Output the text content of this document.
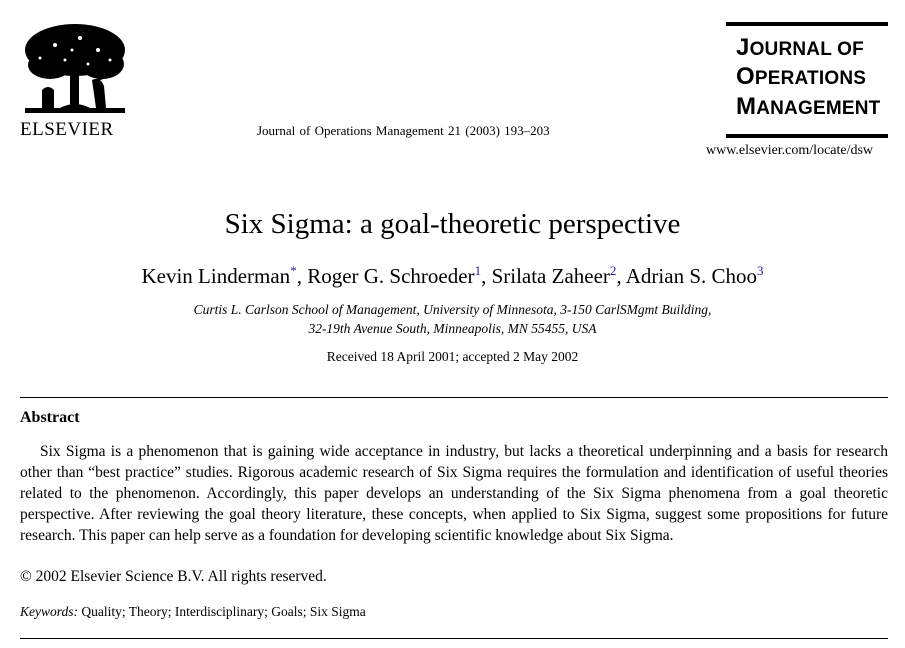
ELSEVIER	Journal of Operations Management 21 (2003) 193–203
JOURNAL OF
OPERATIONS
MANAGEMENT
www.elsevier.com/locate/dsw
Six Sigma: a goal-theoretic perspective
Kevin Linderman*, Roger G. Schroeder$^1$, Srilata Zaheer$^2$, Adrian S. Choo$^3$
Curtis L. Carlson School of Management, University of Minnesota, 3-150 CarlSMgmt Building,
32-19th Avenue South, Minneapolis, MN 55455, USA
Received 18 April 2001; accepted 2 May 2002
Abstract
Six Sigma is a phenomenon that is gaining wide acceptance in industry, but lacks a theoretical underpinning and a basis for research other than “best practice” studies. Rigorous academic research of Six Sigma requires the formulation and identification of useful theories related to the phenomenon. Accordingly, this paper develops an understanding of the Six Sigma phenomena from a goal theoretic perspective. After reviewing the goal theory literature, these concepts, when applied to Six Sigma, suggest some propositions for future research. This paper can help serve as a foundation for developing scientific knowledge about Six Sigma.
© 2002 Elsevier Science B.V. All rights reserved.
Keywords: Quality; Theory; Interdisciplinary; Goals; Six Sigma
